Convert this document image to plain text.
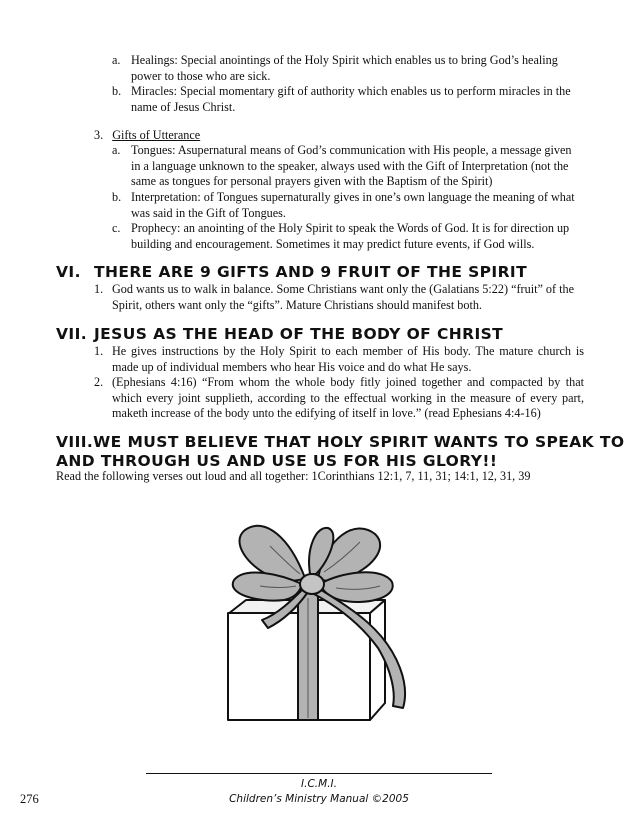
a. Healings: Special anointings of the Holy Spirit which enables us to bring God’s healing power to those who are sick.
b. Miracles: Special momentary gift of authority which enables us to perform miracles in the name of Jesus Christ.
3. Gifts of Utterance
a. Tongues: Asupernatural means of God’s communication with His people, a message given in a language unknown to the speaker, always used with the Gift of Interpretation (not the same as tongues for personal prayers given with the Baptism of the Spirit)
b. Interpretation: of Tongues supernaturally gives in one’s own language the meaning of what was said in the Gift of Tongues.
c. Prophecy: an anointing of the Holy Spirit to speak the Words of God. It is for direction up building and encouragement. Sometimes it may predict future events, if God wills.
VI. THERE ARE 9 GIFTS AND 9 FRUIT OF THE SPIRIT
1. God wants us to walk in balance. Some Christians want only the (Galatians 5:22) “fruit” of the Spirit, others want only the “gifts”. Mature Christians should manifest both.
VII. JESUS AS THE HEAD OF THE BODY OF CHRIST
1. He gives instructions by the Holy Spirit to each member of His body. The mature church is made up of individual members who hear His voice and do what He says.
2. (Ephesians 4:16) “From whom the whole body fitly joined together and compacted by that which every joint supplieth, according to the effectual working in the measure of every part, maketh increase of the body unto the edifying of itself in love.” (read Ephesians 4:4-16)
VIII.WE MUST BELIEVE THAT HOLY SPIRIT WANTS TO SPEAK TO
AND THROUGH US AND USE US FOR HIS GLORY!!
Read the following verses out loud and all together: 1Corinthians 12:1, 7, 11, 31; 14:1, 12, 31, 39
I.C.M.I.
Children’s Ministry Manual ©2005
276
